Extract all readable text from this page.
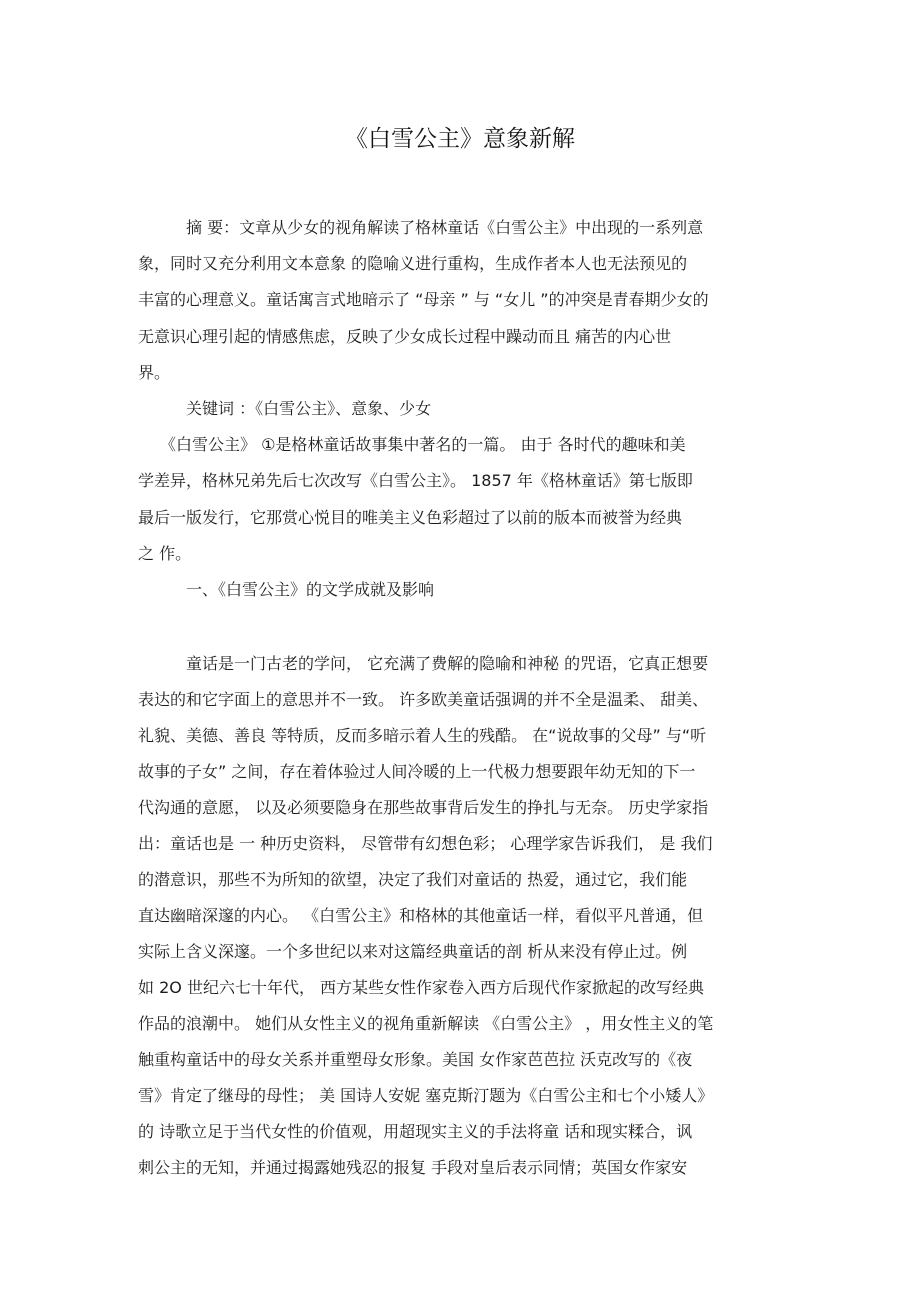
《白雪公主》意象新解

摘 要：文章从少女的视角解读了格林童话《白雪公主》中出现的一系列意

象，同时又充分利用文本意象 的隐喻义进行重构，生成作者本人也无法预见的

丰富的心理意义。童话寓言式地暗示了 “母亲 ” 与 “女儿 ”的冲突是青春期少女的

无意识心理引起的情感焦虑，反映了少女成长过程中躁动而且 痛苦的内心世

界。

关键词 ：《白雪公主》、意象、少女

《白雪公主》 ①是格林童话故事集中著名的一篇。 由于 各时代的趣味和美

学差异，格林兄弟先后七次改写《白雪公主》。 1857 年《格林童话》第七版即

最后一版发行，它那赏心悦目的唯美主义色彩超过了以前的版本而被誉为经典

之 作。

一、《白雪公主》的文学成就及影响

童话是一门古老的学问， 它充满了费解的隐喻和神秘 的咒语，它真正想要

表达的和它字面上的意思并不一致。 许多欧美童话强调的并不全是温柔、 甜美、

礼貌、美德、善良 等特质，反而多暗示着人生的残酷。 在“说故事的父母” 与“听

故事的子女” 之间，存在着体验过人间冷暖的上一代极力想要跟年幼无知的下一

代沟通的意愿， 以及必须要隐身在那些故事背后发生的挣扎与无奈。 历史学家指

出：童话也是 一 种历史资料， 尽管带有幻想色彩； 心理学家告诉我们， 是 我们

的潜意识，那些不为所知的欲望，决定了我们对童话的 热爱，通过它，我们能

直达幽暗深邃的内心。 《白雪公主》和格林的其他童话一样，看似平凡普通，但

实际上含义深邃。一个多世纪以来对这篇经典童话的剖 析从来没有停止过。例

如 2O 世纪六七十年代， 西方某些女性作家卷入西方后现代作家掀起的改写经典

作品的浪潮中。 她们从女性主义的视角重新解读 《白雪公主》 ，用女性主义的笔

触重构童话中的母女关系并重塑母女形象。美国 女作家芭芭拉 沃克改写的《夜

雪》肯定了继母的母性； 美 国诗人安妮 塞克斯汀题为《白雪公主和七个小矮人》

的 诗歌立足于当代女性的价值观，用超现实主义的手法将童 话和现实糅合，讽

刺公主的无知，并通过揭露她残忍的报复 手段对皇后表示同情；英国女作家安
